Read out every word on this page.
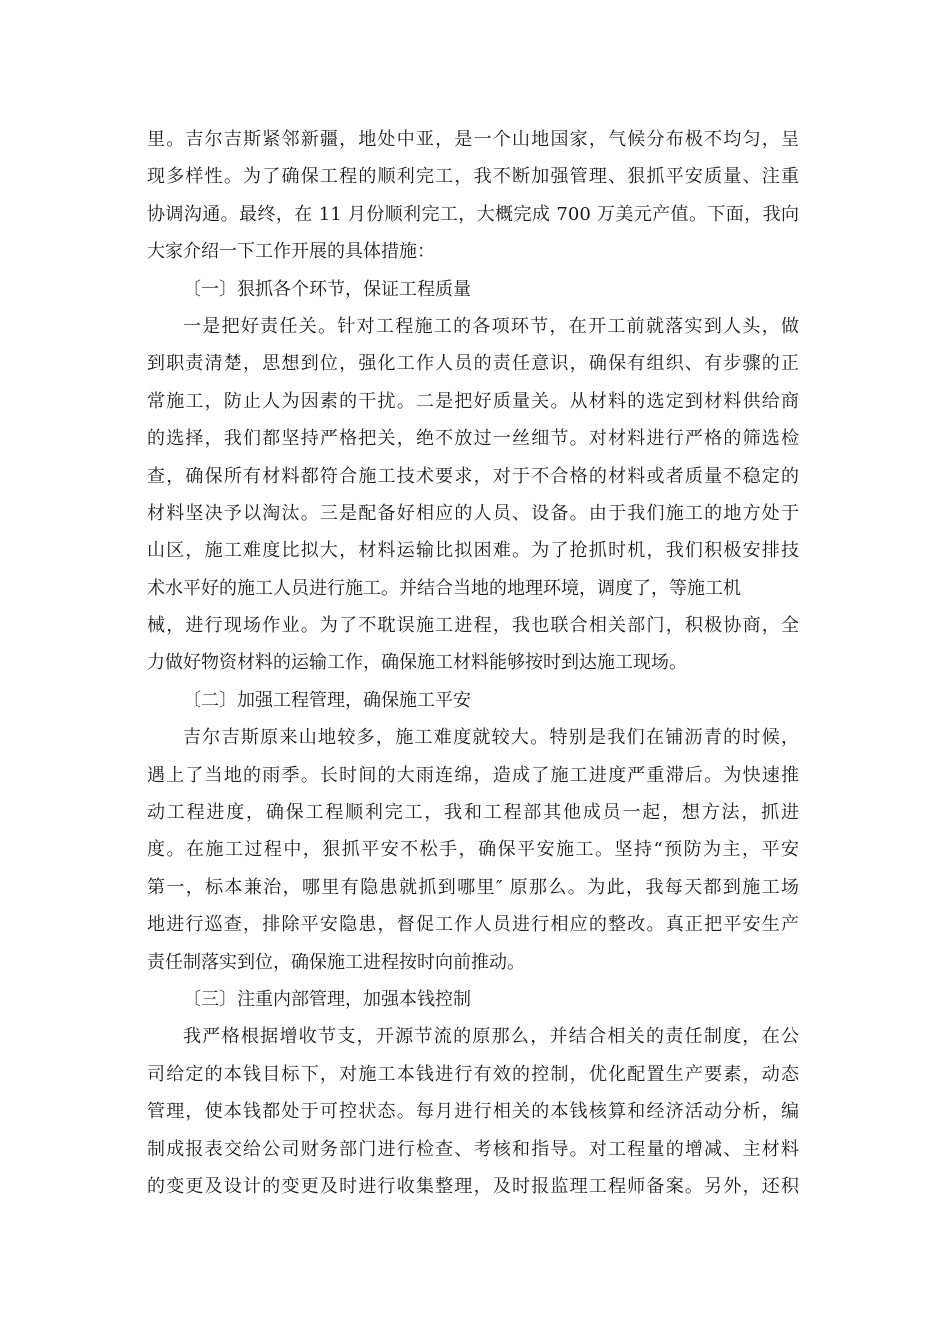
里。吉尔吉斯紧邻新疆，地处中亚，是一个山地国家，气候分布极不均匀，呈
现多样性。为了确保工程的顺利完工，我不断加强管理、狠抓平安质量、注重
协调沟通。最终，在 11 月份顺利完工，大概完成 700 万美元产值。下面，我向
大家介绍一下工作开展的具体措施：
〔一〕狠抓各个环节，保证工程质量
一是把好责任关。针对工程施工的各项环节，在开工前就落实到人头，做
到职责清楚，思想到位，强化工作人员的责任意识，确保有组织、有步骤的正
常施工，防止人为因素的干扰。二是把好质量关。从材料的选定到材料供给商
的选择，我们都坚持严格把关，绝不放过一丝细节。对材料进行严格的筛选检
查，确保所有材料都符合施工技术要求，对于不合格的材料或者质量不稳定的
材料坚决予以淘汰。三是配备好相应的人员、设备。由于我们施工的地方处于
山区，施工难度比拟大，材料运输比拟困难。为了抢抓时机，我们积极安排技
术水平好的施工人员进行施工。并结合当地的地理环境，调度了，等施工机
械，进行现场作业。为了不耽误施工进程，我也联合相关部门，积极协商，全
力做好物资材料的运输工作，确保施工材料能够按时到达施工现场。
〔二〕加强工程管理，确保施工平安
吉尔吉斯原来山地较多，施工难度就较大。特别是我们在铺沥青的时候，
遇上了当地的雨季。长时间的大雨连绵，造成了施工进度严重滞后。为快速推
动工程进度，确保工程顺利完工，我和工程部其他成员一起，想方法，抓进
度。在施工过程中，狠抓平安不松手，确保平安施工。坚持“预防为主，平安
第一，标本兼治，哪里有隐患就抓到哪里″ 原那么。为此，我每天都到施工场
地进行巡查，排除平安隐患，督促工作人员进行相应的整改。真正把平安生产
责任制落实到位，确保施工进程按时向前推动。
〔三〕注重内部管理，加强本钱控制
我严格根据增收节支，开源节流的原那么，并结合相关的责任制度，在公
司给定的本钱目标下，对施工本钱进行有效的控制，优化配置生产要素，动态
管理，使本钱都处于可控状态。每月进行相关的本钱核算和经济活动分析，编
制成报表交给公司财务部门进行检查、考核和指导。对工程量的增减、主材料
的变更及设计的变更及时进行收集整理，及时报监理工程师备案。另外，还积
